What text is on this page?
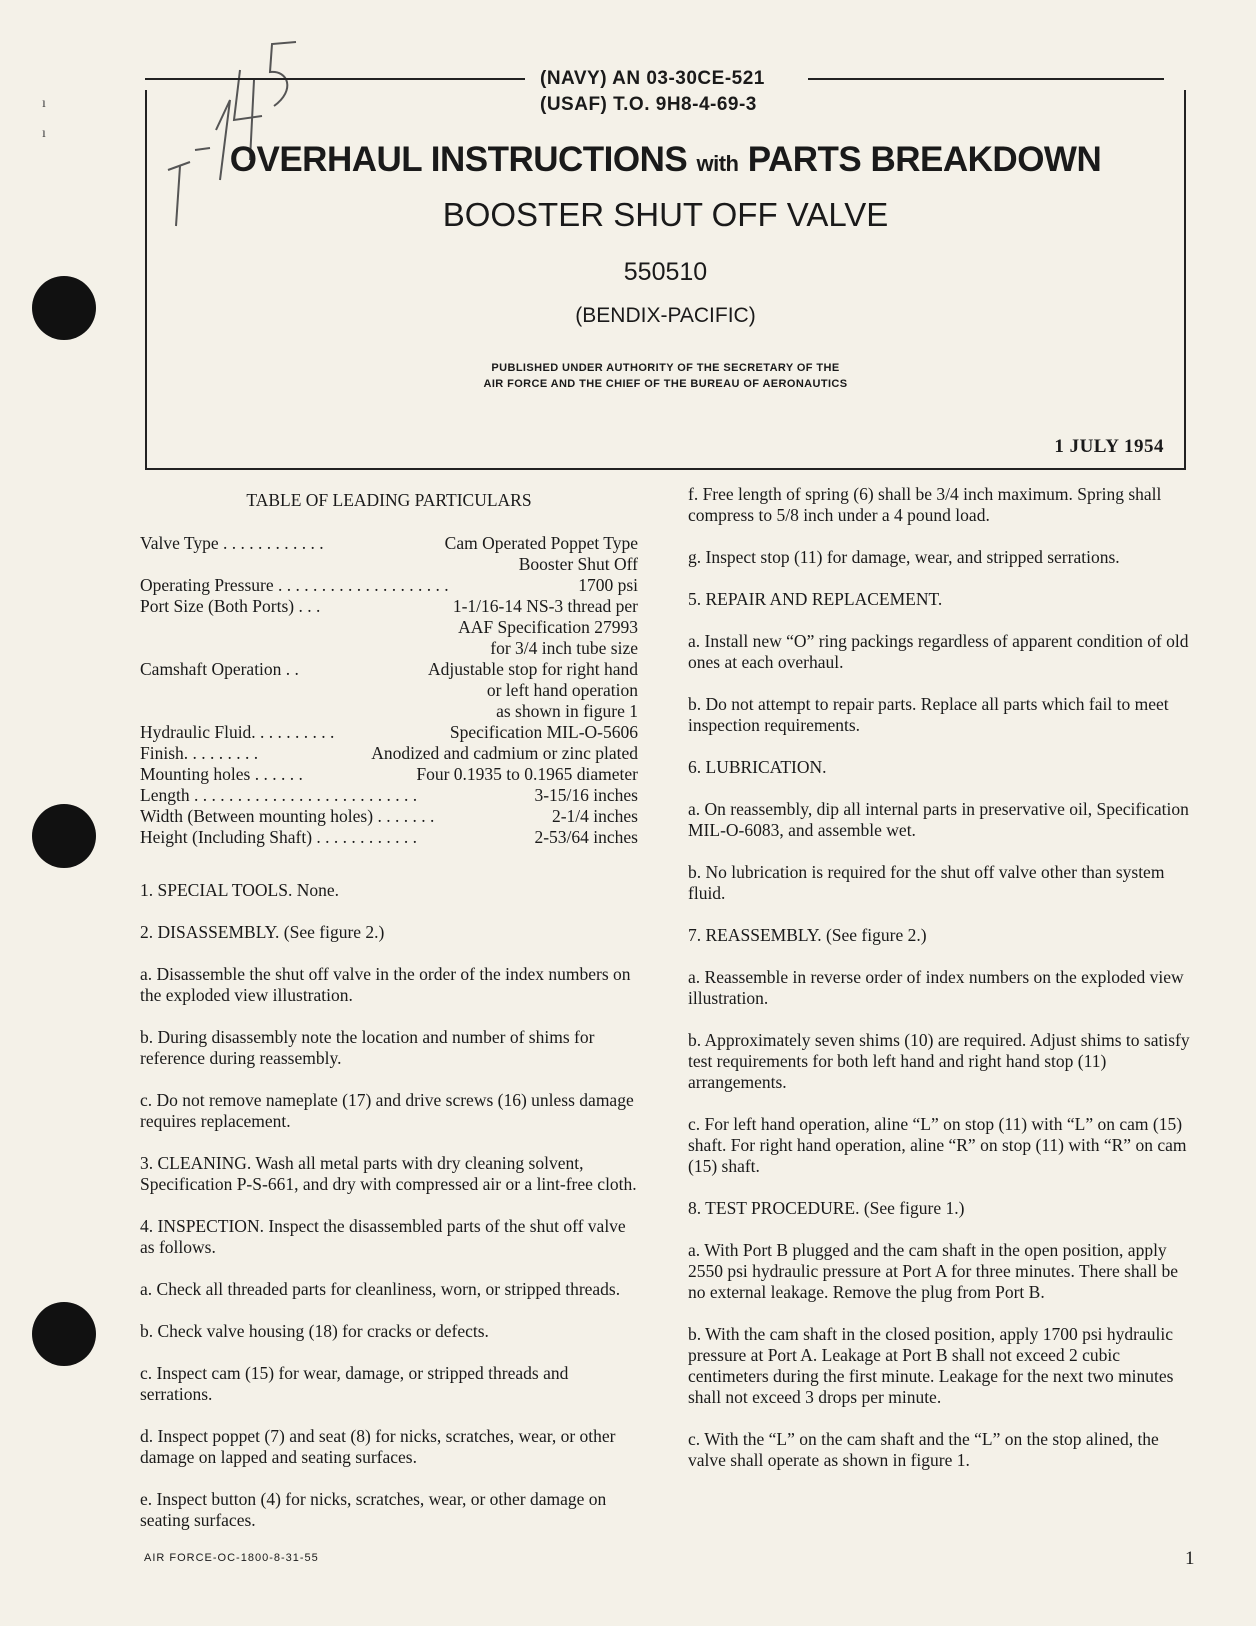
ı
ı
(NAVY) AN 03-30CE-521
(USAF) T.O. 9H8-4-69-3
OVERHAUL INSTRUCTIONS with PARTS BREAKDOWN
BOOSTER SHUT OFF VALVE
550510
(BENDIX-PACIFIC)
PUBLISHED UNDER AUTHORITY OF THE SECRETARY OF THE
AIR FORCE AND THE CHIEF OF THE BUREAU OF AERONAUTICS
1 JULY 1954
TABLE OF LEADING PARTICULARS
Valve Type . . . . . . . . . . . .	Cam Operated Poppet Type
Booster Shut Off
Operating Pressure . . . . . . . . . . . . . . . . . . . .	1700 psi
Port Size (Both Ports) . . .	1-1/16-14 NS-3 thread per
AAF Specification 27993
for 3/4 inch tube size
Camshaft Operation . .	Adjustable stop for right hand
or left hand operation
as shown in figure 1
Hydraulic Fluid. . . . . . . . . .	Specification MIL-O-5606
Finish. . . . . . . . .	Anodized and cadmium or zinc plated
Mounting holes . . . . . .	Four 0.1935 to 0.1965 diameter
Length . . . . . . . . . . . . . . . . . . . . . . . . . .	3-15/16 inches
Width (Between mounting holes) . . . . . . .	2-1/4 inches
Height (Including Shaft) . . . . . . . . . . . .	2-53/64 inches

1. SPECIAL TOOLS. None.

2. DISASSEMBLY. (See figure 2.)

a. Disassemble the shut off valve in the order of the index numbers on the exploded view illustration.

b. During disassembly note the location and number of shims for reference during reassembly.

c. Do not remove nameplate (17) and drive screws (16) unless damage requires replacement.

3. CLEANING. Wash all metal parts with dry cleaning solvent, Specification P-S-661, and dry with compressed air or a lint-free cloth.

4. INSPECTION. Inspect the disassembled parts of the shut off valve as follows.

a. Check all threaded parts for cleanliness, worn, or stripped threads.

b. Check valve housing (18) for cracks or defects.

c. Inspect cam (15) for wear, damage, or stripped threads and serrations.

d. Inspect poppet (7) and seat (8) for nicks, scratches, wear, or other damage on lapped and seating surfaces.

e. Inspect button (4) for nicks, scratches, wear, or other damage on seating surfaces.

f. Free length of spring (6) shall be 3/4 inch maximum. Spring shall compress to 5/8 inch under a 4 pound load.

g. Inspect stop (11) for damage, wear, and stripped serrations.

5. REPAIR AND REPLACEMENT.

a. Install new “O” ring packings regardless of apparent condition of old ones at each overhaul.

b. Do not attempt to repair parts. Replace all parts which fail to meet inspection requirements.

6. LUBRICATION.

a. On reassembly, dip all internal parts in preservative oil, Specification MIL-O-6083, and assemble wet.

b. No lubrication is required for the shut off valve other than system fluid.

7. REASSEMBLY. (See figure 2.)

a. Reassemble in reverse order of index numbers on the exploded view illustration.

b. Approximately seven shims (10) are required. Adjust shims to satisfy test requirements for both left hand and right hand stop (11) arrangements.

c. For left hand operation, aline “L” on stop (11) with “L” on cam (15) shaft. For right hand operation, aline “R” on stop (11) with “R” on cam (15) shaft.

8. TEST PROCEDURE. (See figure 1.)

a. With Port B plugged and the cam shaft in the open position, apply 2550 psi hydraulic pressure at Port A for three minutes. There shall be no external leakage. Remove the plug from Port B.

b. With the cam shaft in the closed position, apply 1700 psi hydraulic pressure at Port A. Leakage at Port B shall not exceed 2 cubic centimeters during the first minute. Leakage for the next two minutes shall not exceed 3 drops per minute.

c. With the “L” on the cam shaft and the “L” on the stop alined, the valve shall operate as shown in figure 1.

AIR FORCE-OC-1800-8-31-55	1
